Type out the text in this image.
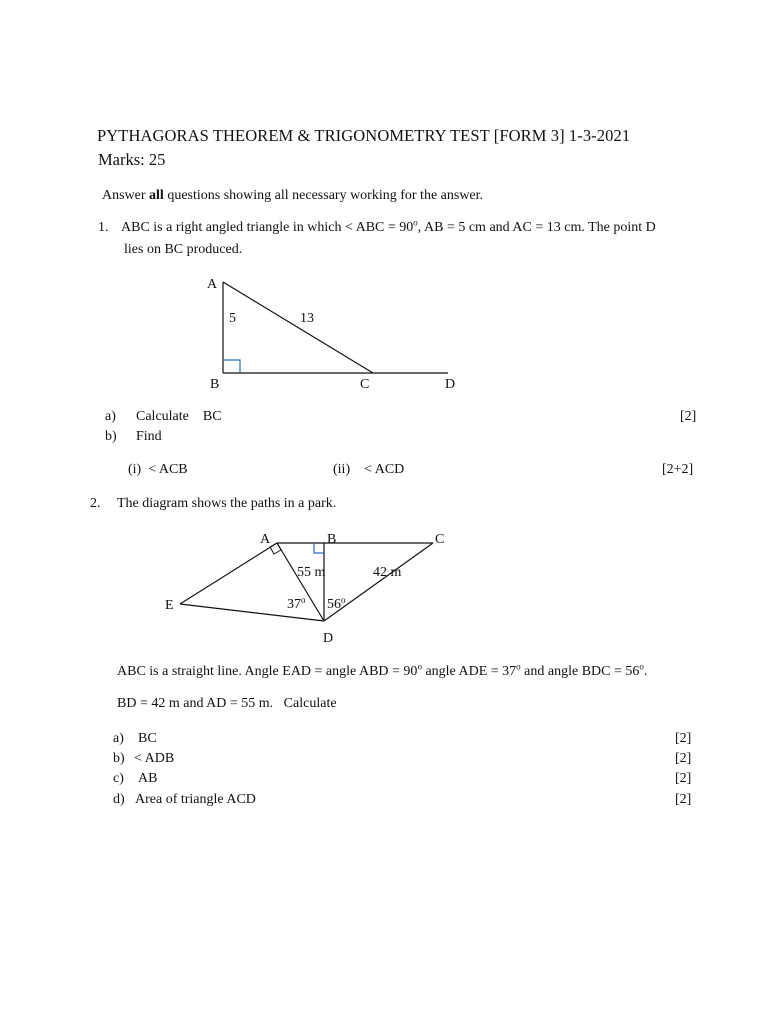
PYTHAGORAS THEOREM & TRIGONOMETRY TEST [FORM 3] 1-3-2021
Marks: 25
Answer all questions showing all necessary working for the answer.
1. ABC is a right angled triangle in which < ABC = $90^o$, AB = 5 cm and AC = 13 cm. The point D
lies on BC produced.
A
5	13
B	C	D
a) Calculate    BC	[2]
b) Find
(i)  < ACB	(ii)    < ACD	[2+2]
2. The diagram shows the paths in a park.
A	B	C
E
D
55 m	42 m
37$^o$ 56$^o$
ABC is a straight line. Angle EAD = angle ABD = $90^o$ angle ADE = $37^o$ and angle BDC = $56^o$.
BD = 42 m and AD = 55 m.   Calculate
a) BC	[2]
b) < ADB	[2]
c) AB	[2]
d) Area of triangle ACD	[2]
